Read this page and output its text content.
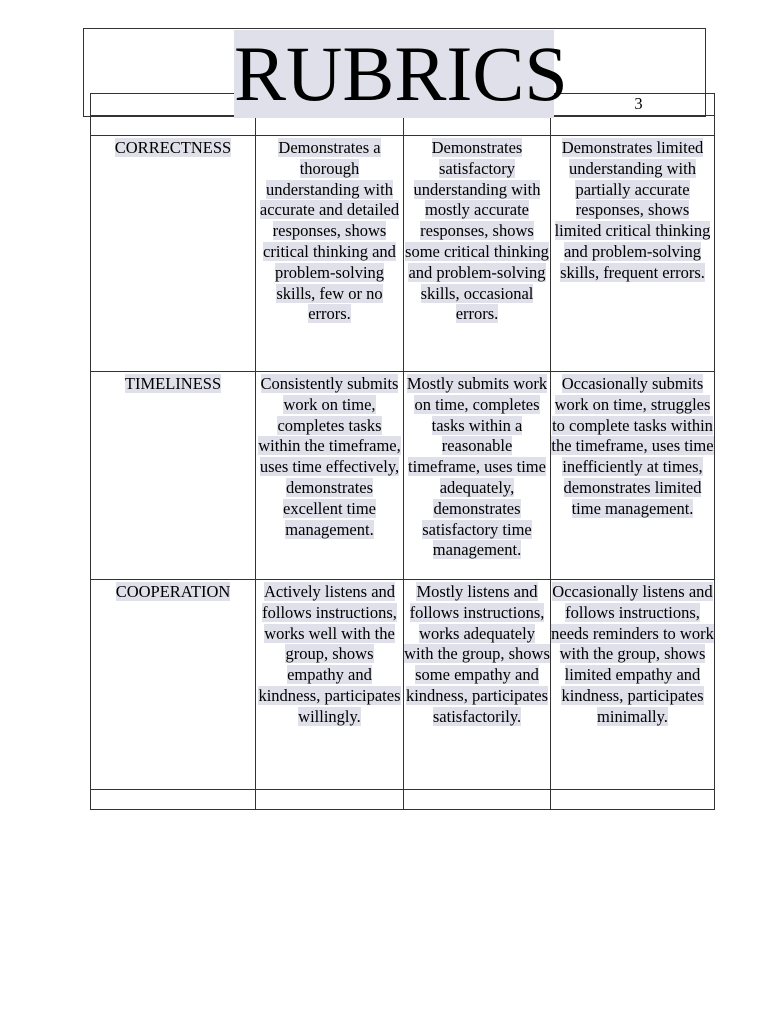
			3

CORRECTNESS	Demonstrates a thorough understanding with accurate and detailed responses, shows critical thinking and problem-solving skills, few or no errors.	Demonstrates satisfactory understanding with mostly accurate responses, shows some critical thinking and problem-solving skills, occasional errors.	Demonstrates limited understanding with partially accurate responses, shows limited critical thinking and problem-solving skills, frequent errors.

TIMELINESS	Consistently submits work on time, completes tasks within the timeframe, uses time effectively, demonstrates excellent time management.	Mostly submits work on time, completes tasks within a reasonable timeframe, uses time adequately, demonstrates satisfactory time management.	Occasionally submits work on time, struggles to complete tasks within the timeframe, uses time inefficiently at times, demonstrates limited time management.

COOPERATION	Actively listens and follows instructions, works well with the group, shows empathy and kindness, participates willingly.	Mostly listens and follows instructions, works adequately with the group, shows some empathy and kindness, participates satisfactorily.	Occasionally listens and follows instructions, needs reminders to work with the group, shows limited empathy and kindness, participates minimally.

RUBRICS
